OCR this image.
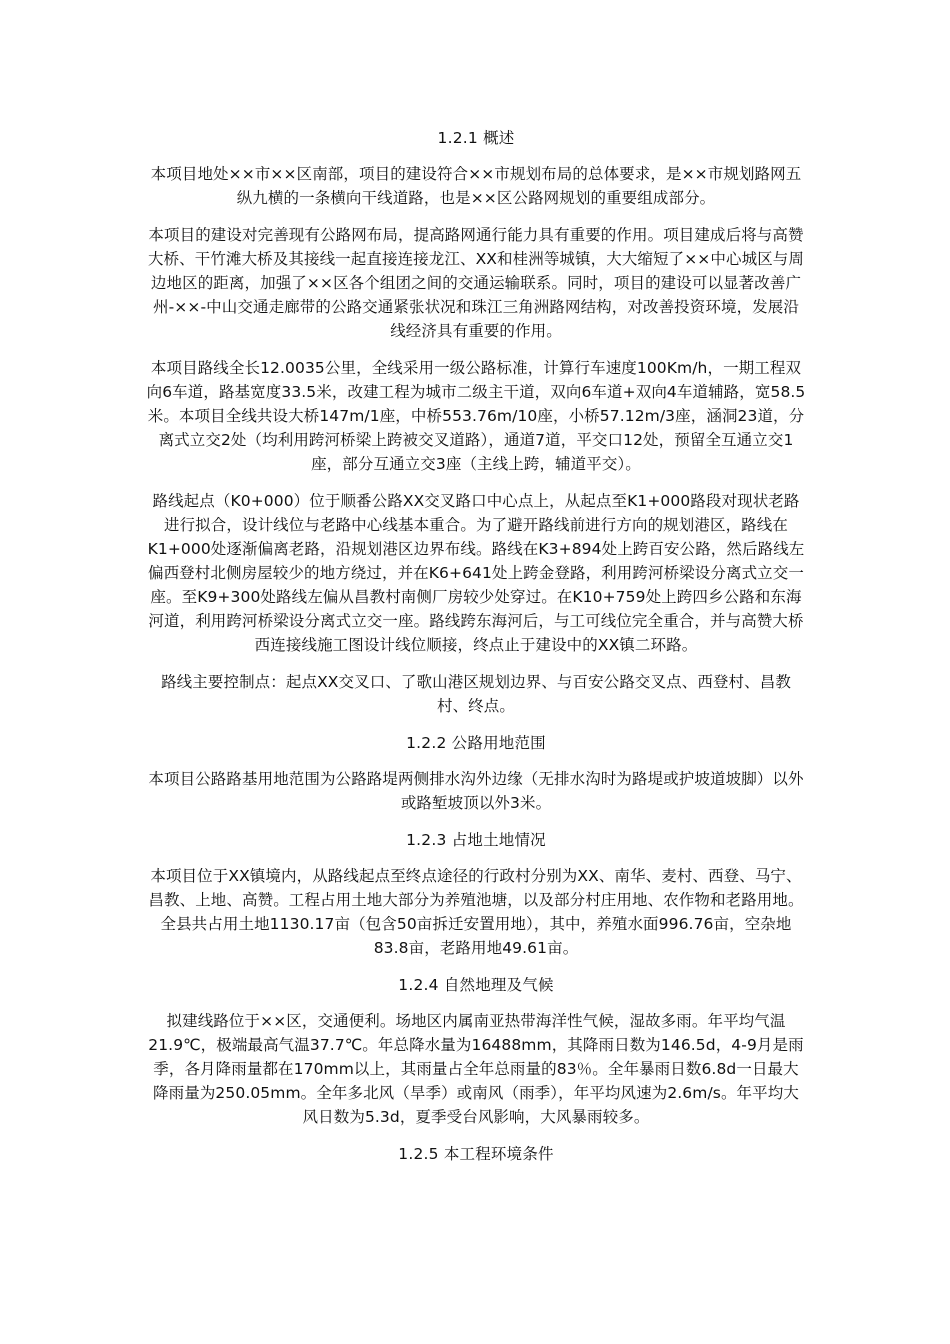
1.2.1 概述

本项目地处××市××区南部，项目的建设符合××市规划布局的总体要求，是××市规划路网五纵九横的一条横向干线道路，也是××区公路网规划的重要组成部分。

本项目的建设对完善现有公路网布局，提高路网通行能力具有重要的作用。项目建成后将与高赞大桥、干竹滩大桥及其接线一起直接连接龙江、XX和桂洲等城镇，大大缩短了××中心城区与周边地区的距离，加强了××区各个组团之间的交通运输联系。同时，项目的建设可以显著改善广州-××-中山交通走廊带的公路交通紧张状况和珠江三角洲路网结构，对改善投资环境，发展沿线经济具有重要的作用。

本项目路线全长12.0035公里，全线采用一级公路标准，计算行车速度100Km/h，一期工程双向6车道，路基宽度33.5米，改建工程为城市二级主干道，双向6车道+双向4车道辅路，宽58.5米。本项目全线共设大桥147m/1座，中桥553.76m/10座，小桥57.12m/3座，涵洞23道，分离式立交2处（均利用跨河桥梁上跨被交叉道路），通道7道，平交口12处，预留全互通立交1座，部分互通立交3座（主线上跨，辅道平交）。

路线起点（K0+000）位于顺番公路XX交叉路口中心点上，从起点至K1+000路段对现状老路进行拟合，设计线位与老路中心线基本重合。为了避开路线前进行方向的规划港区，路线在K1+000处逐渐偏离老路，沿规划港区边界布线。路线在K3+894处上跨百安公路，然后路线左偏西登村北侧房屋较少的地方绕过，并在K6+641处上跨金登路，利用跨河桥梁设分离式立交一座。至K9+300处路线左偏从昌教村南侧厂房较少处穿过。在K10+759处上跨四乡公路和东海河道，利用跨河桥梁设分离式立交一座。路线跨东海河后，与工可线位完全重合，并与高赞大桥西连接线施工图设计线位顺接，终点止于建设中的XX镇二环路。

路线主要控制点：起点XX交叉口、了歌山港区规划边界、与百安公路交叉点、西登村、昌教村、终点。

1.2.2 公路用地范围

本项目公路路基用地范围为公路路堤两侧排水沟外边缘（无排水沟时为路堤或护坡道坡脚）以外或路堑坡顶以外3米。

1.2.3 占地土地情况

本项目位于XX镇境内，从路线起点至终点途径的行政村分别为XX、南华、麦村、西登、马宁、昌教、上地、高赞。工程占用土地大部分为养殖池塘，以及部分村庄用地、农作物和老路用地。全县共占用土地1130.17亩（包含50亩拆迁安置用地），其中，养殖水面996.76亩，空杂地83.8亩，老路用地49.61亩。

1.2.4 自然地理及气候

拟建线路位于××区，交通便利。场地区内属南亚热带海洋性气候，湿故多雨。年平均气温21.9℃，极端最高气温37.7℃。年总降水量为16488mm，其降雨日数为146.5d，4-9月是雨季，各月降雨量都在170mm以上，其雨量占全年总雨量的83％。全年暴雨日数6.8d一日最大降雨量为250.05mm。全年多北风（旱季）或南风（雨季），年平均风速为2.6m/s。年平均大风日数为5.3d，夏季受台风影响，大风暴雨较多。

1.2.5 本工程环境条件
